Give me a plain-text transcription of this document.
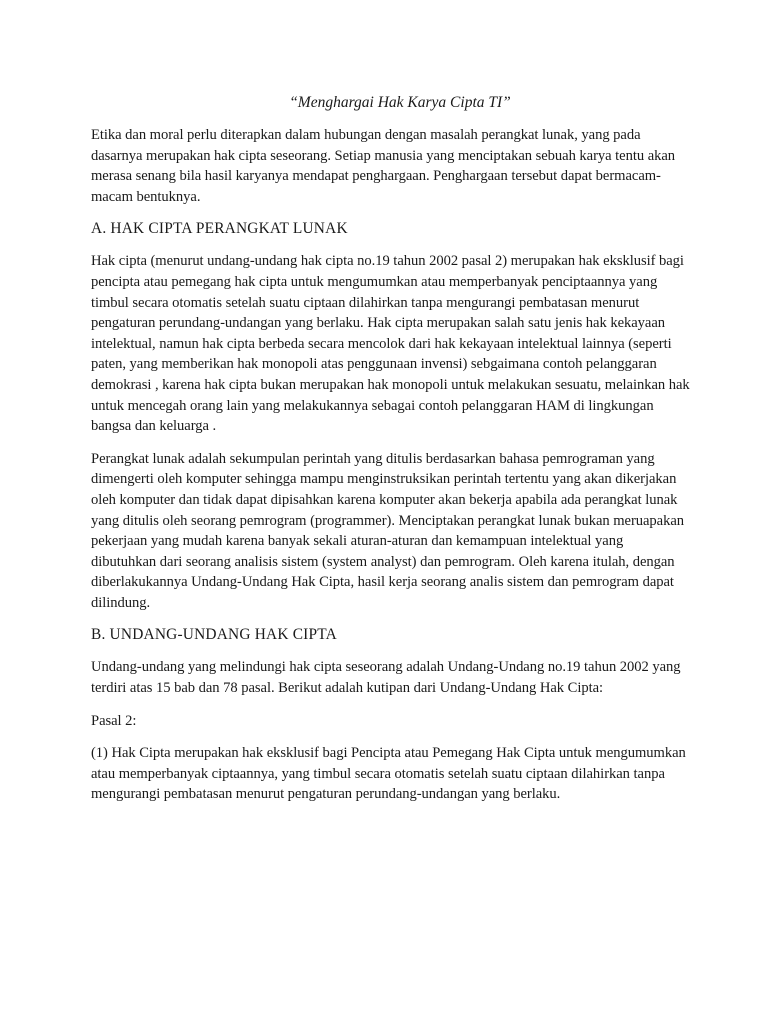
“Menghargai Hak Karya Cipta TI”

Etika dan moral perlu diterapkan dalam hubungan dengan masalah perangkat lunak, yang pada dasarnya merupakan hak cipta seseorang. Setiap manusia yang menciptakan sebuah karya tentu akan merasa senang bila hasil karyanya mendapat penghargaan. Penghargaan tersebut dapat bermacam-macam bentuknya.

A. HAK CIPTA PERANGKAT LUNAK

Hak cipta (menurut undang-undang hak cipta no.19 tahun 2002 pasal 2) merupakan hak eksklusif bagi pencipta atau pemegang hak cipta untuk mengumumkan atau memperbanyak penciptaannya yang timbul secara otomatis setelah suatu ciptaan dilahirkan tanpa mengurangi pembatasan menurut pengaturan perundang-undangan yang berlaku. Hak cipta merupakan salah satu jenis hak kekayaan intelektual, namun hak cipta berbeda secara mencolok dari hak kekayaan intelektual lainnya (seperti paten, yang memberikan hak monopoli atas penggunaan invensi) sebgaimana contoh pelanggaran demokrasi , karena hak cipta bukan merupakan hak monopoli untuk melakukan sesuatu, melainkan hak untuk mencegah orang lain yang melakukannya sebagai contoh pelanggaran HAM di lingkungan bangsa dan keluarga .

Perangkat lunak adalah sekumpulan perintah yang ditulis berdasarkan bahasa pemrograman yang dimengerti oleh komputer sehingga mampu menginstruksikan perintah tertentu yang akan dikerjakan oleh komputer dan tidak dapat dipisahkan karena komputer akan bekerja apabila ada perangkat lunak yang ditulis oleh seorang pemrogram (programmer). Menciptakan perangkat lunak bukan meruapakan pekerjaan yang mudah karena banyak sekali aturan-aturan dan kemampuan intelektual yang dibutuhkan dari seorang analisis sistem (system analyst) dan pemrogram. Oleh karena itulah, dengan diberlakukannya Undang-Undang Hak Cipta, hasil kerja seorang analis sistem dan pemrogram dapat dilindung.

B. UNDANG-UNDANG HAK CIPTA

Undang-undang yang melindungi hak cipta seseorang adalah Undang-Undang no.19 tahun 2002 yang terdiri atas 15 bab dan 78 pasal. Berikut adalah kutipan dari Undang-Undang Hak Cipta:

Pasal 2:

(1) Hak Cipta merupakan hak eksklusif bagi Pencipta atau Pemegang Hak Cipta untuk mengumumkan atau memperbanyak ciptaannya, yang timbul secara otomatis setelah suatu ciptaan dilahirkan tanpa mengurangi pembatasan menurut pengaturan perundang-undangan yang berlaku.
